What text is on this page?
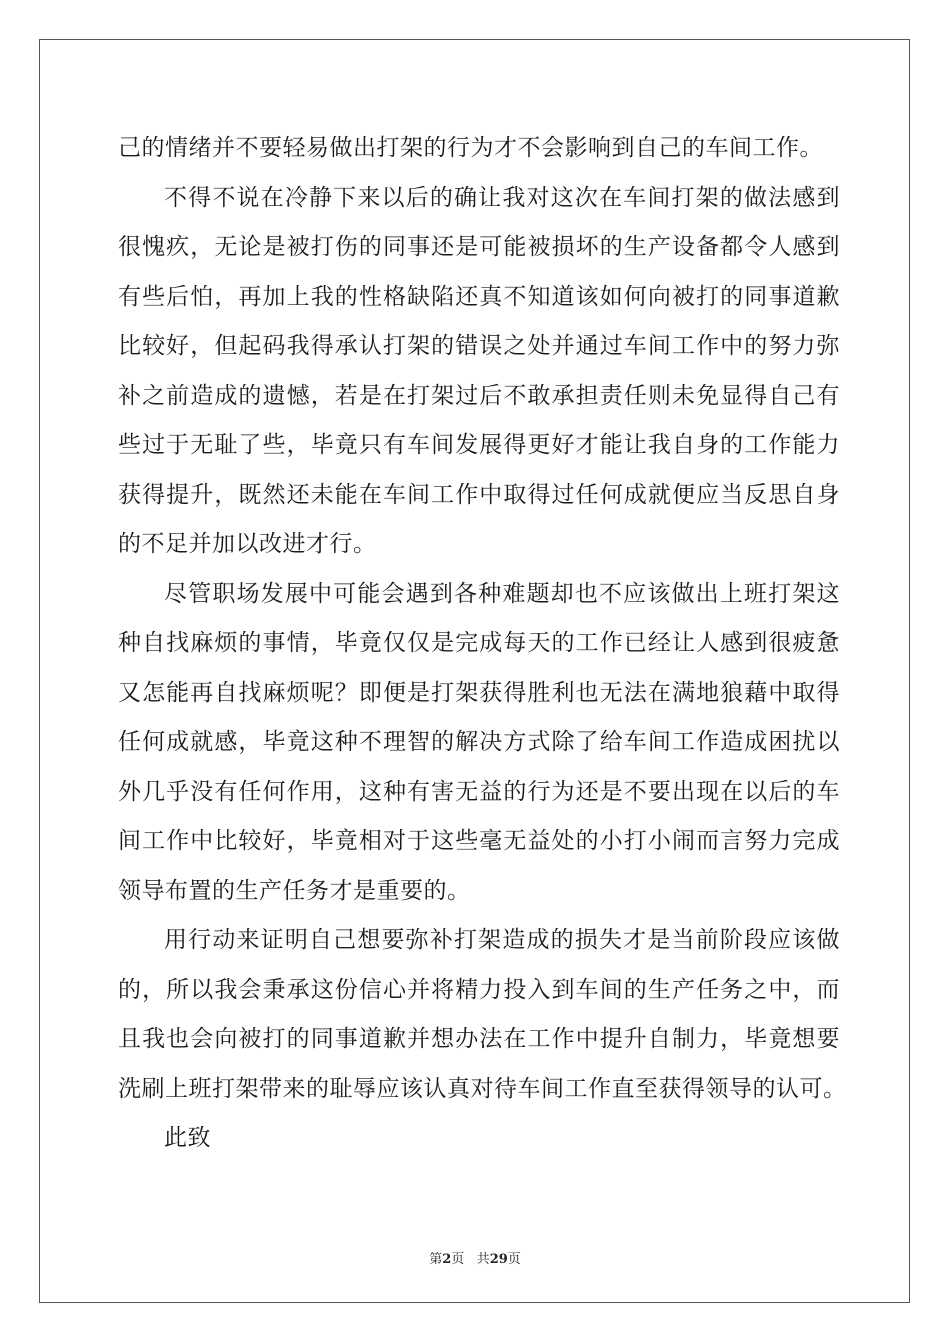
己的情绪并不要轻易做出打架的行为才不会影响到自己的车间工作。
不得不说在冷静下来以后的确让我对这次在车间打架的做法感到
很愧疚，无论是被打伤的同事还是可能被损坏的生产设备都令人感到
有些后怕，再加上我的性格缺陷还真不知道该如何向被打的同事道歉
比较好，但起码我得承认打架的错误之处并通过车间工作中的努力弥
补之前造成的遗憾，若是在打架过后不敢承担责任则未免显得自己有
些过于无耻了些，毕竟只有车间发展得更好才能让我自身的工作能力
获得提升，既然还未能在车间工作中取得过任何成就便应当反思自身
的不足并加以改进才行。
尽管职场发展中可能会遇到各种难题却也不应该做出上班打架这
种自找麻烦的事情，毕竟仅仅是完成每天的工作已经让人感到很疲惫
又怎能再自找麻烦呢？即便是打架获得胜利也无法在满地狼藉中取得
任何成就感，毕竟这种不理智的解决方式除了给车间工作造成困扰以
外几乎没有任何作用，这种有害无益的行为还是不要出现在以后的车
间工作中比较好，毕竟相对于这些毫无益处的小打小闹而言努力完成
领导布置的生产任务才是重要的。
用行动来证明自己想要弥补打架造成的损失才是当前阶段应该做
的，所以我会秉承这份信心并将精力投入到车间的生产任务之中，而
且我也会向被打的同事道歉并想办法在工作中提升自制力，毕竟想要
洗刷上班打架带来的耻辱应该认真对待车间工作直至获得领导的认可。
此致
第2页 共29页
